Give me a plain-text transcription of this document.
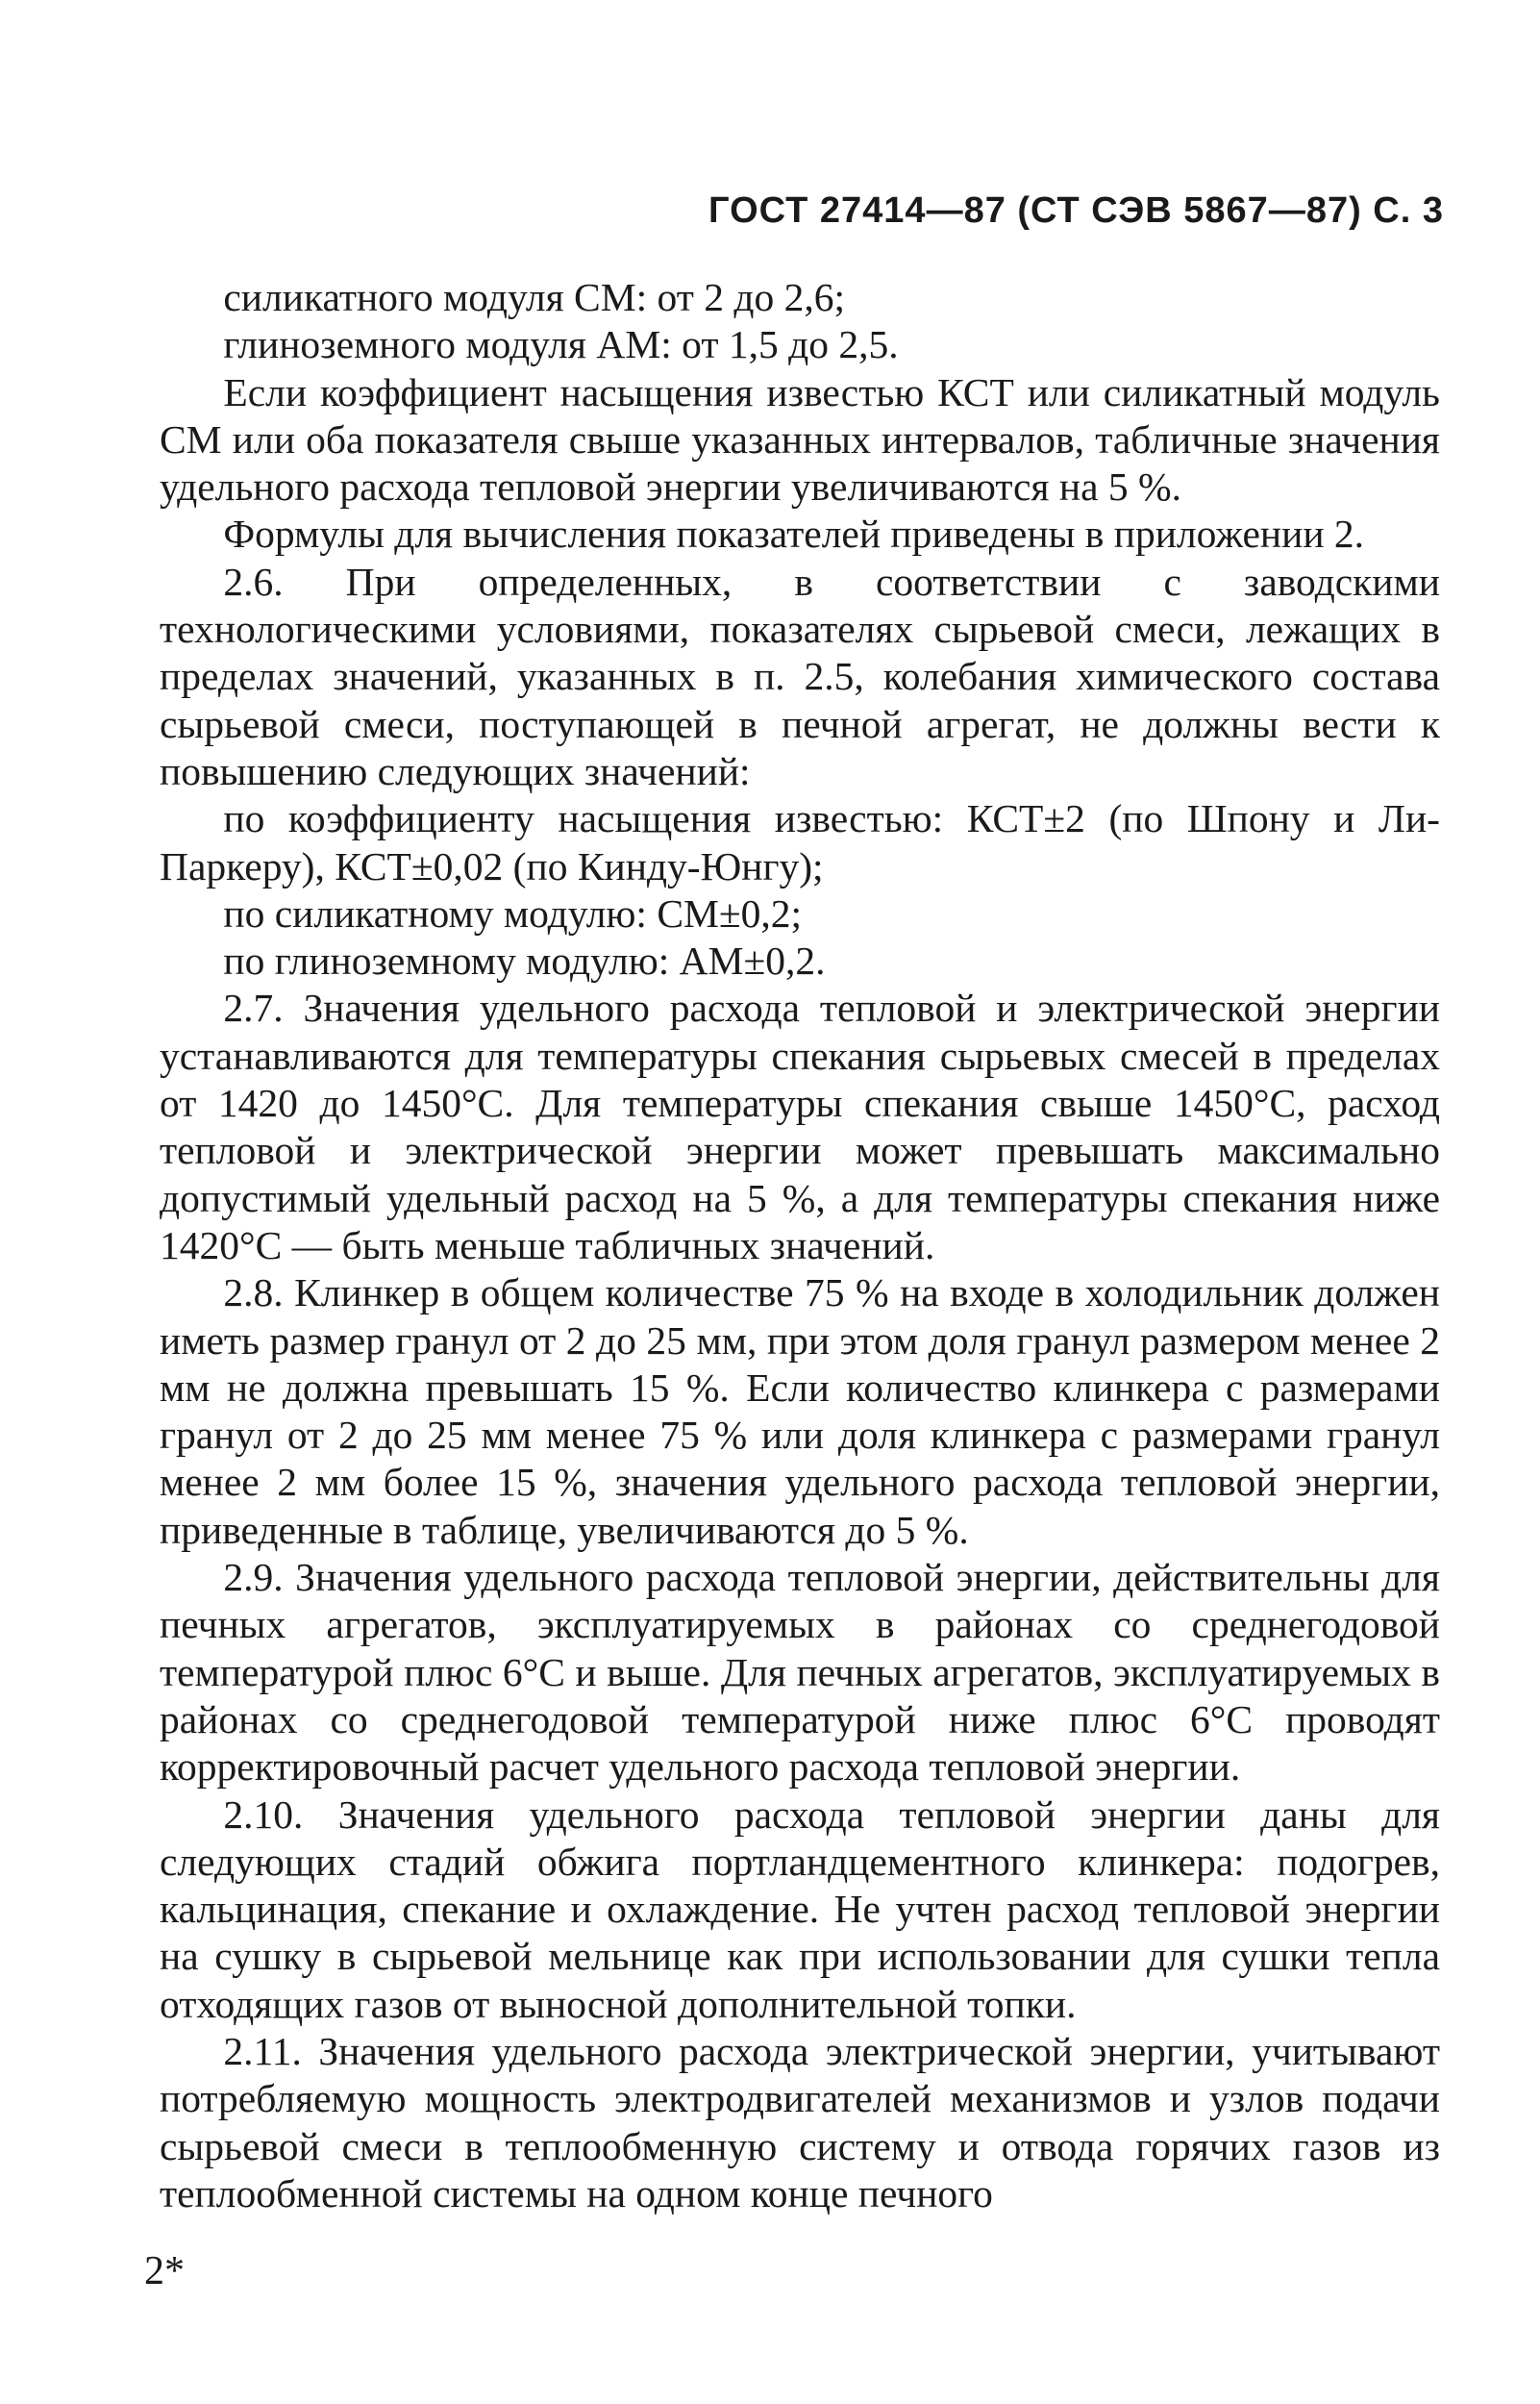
ГОСТ 27414—87 (СТ СЭВ 5867—87) С. 3

силикатного модуля СМ: от 2 до 2,6;

глиноземного модуля АМ: от 1,5 до 2,5.

Если коэффициент насыщения известью КСТ или силикатный модуль СМ или оба показателя свыше указанных интервалов, табличные значения удельного расхода тепловой энергии увеличиваются на 5 %.

Формулы для вычисления показателей приведены в приложении 2.

2.6. При определенных, в соответствии с заводскими технологическими условиями, показателях сырьевой смеси, лежащих в пределах значений, указанных в п. 2.5, колебания химического состава сырьевой смеси, поступающей в печной агрегат, не должны вести к повышению следующих значений:

по коэффициенту насыщения известью: КСТ±2 (по Шпону и Ли-Паркеру), КСТ±0,02 (по Кинду-Юнгу);

по силикатному модулю: СМ±0,2;

по глиноземному модулю: АМ±0,2.

2.7. Значения удельного расхода тепловой и электрической энергии устанавливаются для температуры спекания сырьевых смесей в пределах от 1420 до 1450°С. Для температуры спекания свыше 1450°С, расход тепловой и электрической энергии может превышать максимально допустимый удельный расход на 5 %, а для температуры спекания ниже 1420°С — быть меньше табличных значений.

2.8. Клинкер в общем количестве 75 % на входе в холодильник должен иметь размер гранул от 2 до 25 мм, при этом доля гранул размером менее 2 мм не должна превышать 15 %. Если количество клинкера с размерами гранул от 2 до 25 мм менее 75 % или доля клинкера с размерами гранул менее 2 мм более 15 %, значения удельного расхода тепловой энергии, приведенные в таблице, увеличиваются до 5 %.

2.9. Значения удельного расхода тепловой энергии, действительны для печных агрегатов, эксплуатируемых в районах со среднегодовой температурой плюс 6°С и выше. Для печных агрегатов, эксплуатируемых в районах со среднегодовой температурой ниже плюс 6°С проводят корректировочный расчет удельного расхода тепловой энергии.

2.10. Значения удельного расхода тепловой энергии даны для следующих стадий обжига портландцементного клинкера: подогрев, кальцинация, спекание и охлаждение. Не учтен расход тепловой энергии на сушку в сырьевой мельнице как при использовании для сушки тепла отходящих газов от выносной дополнительной топки.

2.11. Значения удельного расхода электрической энергии, учитывают потребляемую мощность электродвигателей механизмов и узлов подачи сырьевой смеси в теплообменную систему и отвода горячих газов из теплообменной системы на одном конце печного

2*
